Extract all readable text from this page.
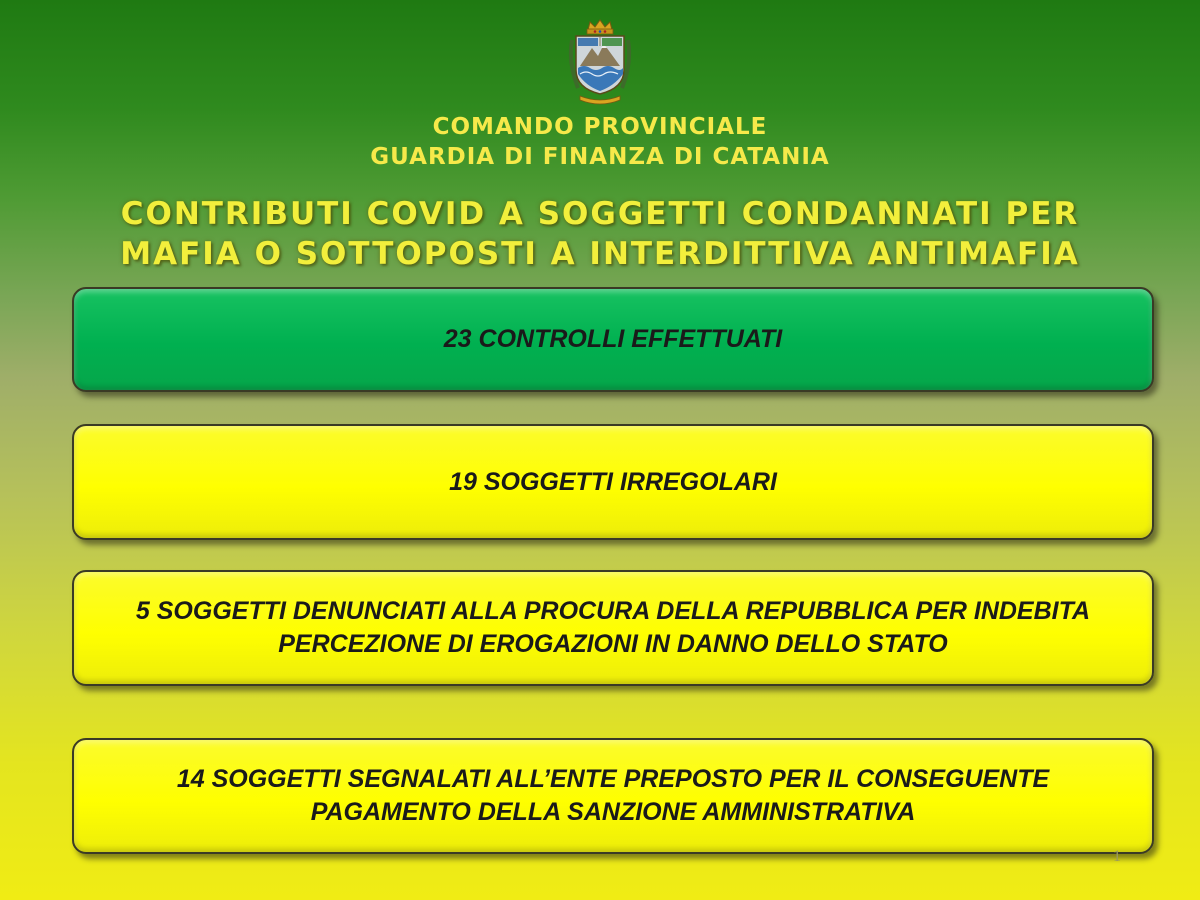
COMANDO PROVINCIALE
GUARDIA DI FINANZA DI CATANIA
CONTRIBUTI COVID A SOGGETTI CONDANNATI PER
MAFIA O SOTTOPOSTI A INTERDITTIVA ANTIMAFIA
23 CONTROLLI EFFETTUATI
19 SOGGETTI IRREGOLARI
5 SOGGETTI DENUNCIATI ALLA PROCURA DELLA REPUBBLICA PER INDEBITA
PERCEZIONE DI EROGAZIONI IN DANNO DELLO STATO
14 SOGGETTI SEGNALATI ALL’ENTE PREPOSTO PER IL CONSEGUENTE
PAGAMENTO DELLA SANZIONE AMMINISTRATIVA
1
